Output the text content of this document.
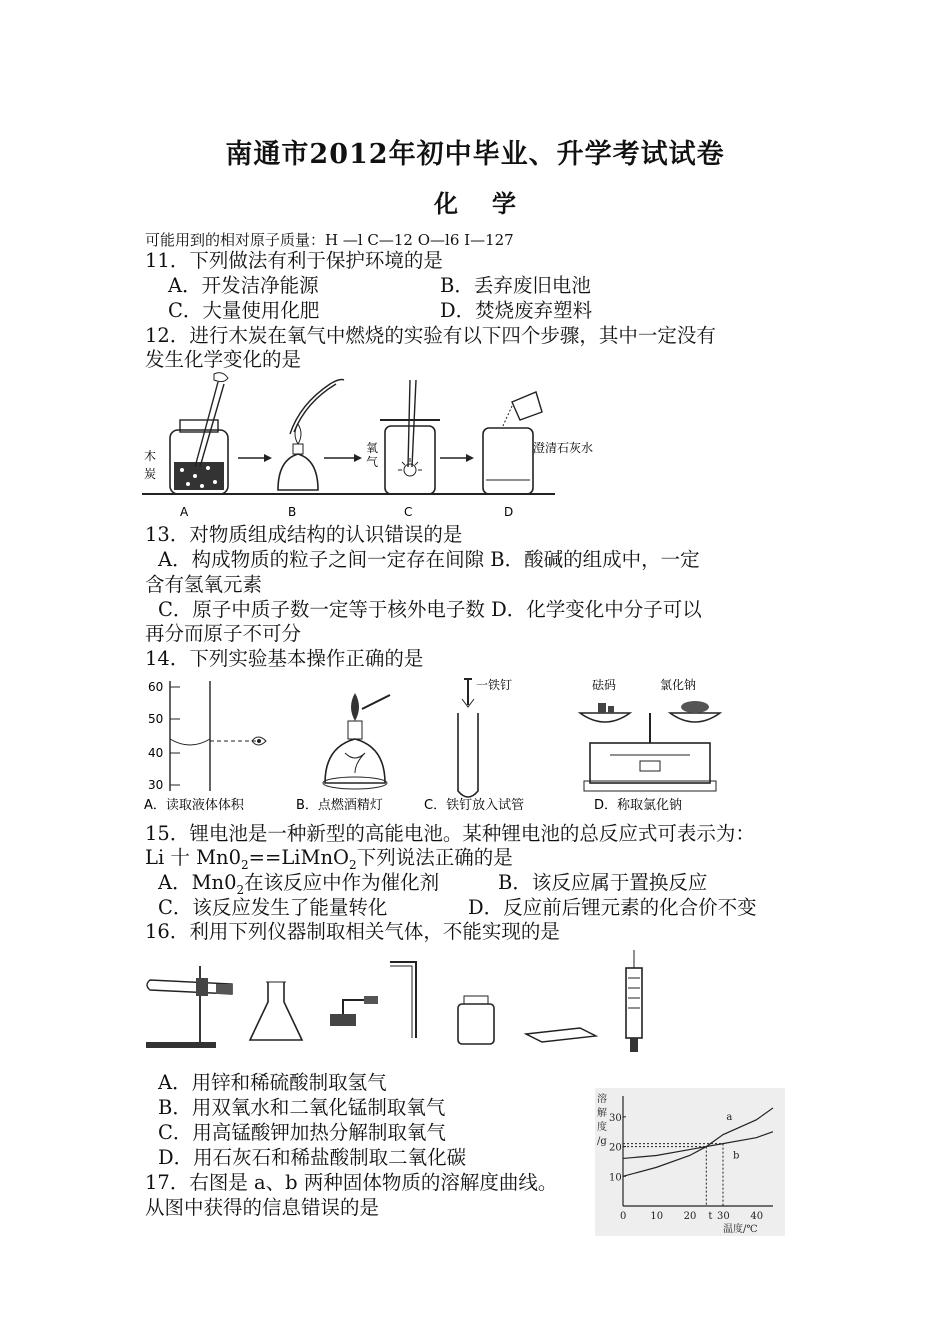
南通市2012年初中毕业、升学考试试卷
化学
可能用到的相对原子质量：H —l C—12 O—l6 I—127
11．下列做法有利于保护环境的是
A．开发洁净能源	B．丢弃废旧电池
C．大量使用化肥	D．焚烧废弃塑料
12．进行木炭在氧气中燃烧的实验有以下四个步骤，其中一定没有
发生化学变化的是
氧
气
澄清石灰水
木
炭
A	B	C	D
13．对物质组成结构的认识错误的是
A．构成物质的粒子之间一定存在间隙 B．酸碱的组成中，一定
含有氢氧元素
C．原子中质子数一定等于核外电子数 D．化学变化中分子可以
再分而原子不可分
14．下列实验基本操作正确的是
60
50
40
30
一铁钉	砝码	氯化钠
A．读取液体体积	B．点燃酒精灯	C．铁钉放入试管	D．称取氯化钠
15．锂电池是一种新型的高能电池。某种锂电池的总反应式可表示为：
Li 十 $Mn0_2==LiMnO_2$下列说法正确的是
A．$Mn0_2$在该反应中作为催化剂	B．该反应属于置换反应
C．该反应发生了能量转化	D．反应前后锂元素的化合价不变
16．利用下列仪器制取相关气体，不能实现的是
A．用锌和稀硫酸制取氢气
B．用双氧水和二氧化锰制取氧气
C．用高锰酸钾加热分解制取氧气
D．用石灰石和稀盐酸制取二氧化碳
17．右图是 a、b 两种固体物质的溶解度曲线。
从图中获得的信息错误的是
溶
解
度
/g
10
20
30
0 10 20 t 30 40
a
b
温度/℃
